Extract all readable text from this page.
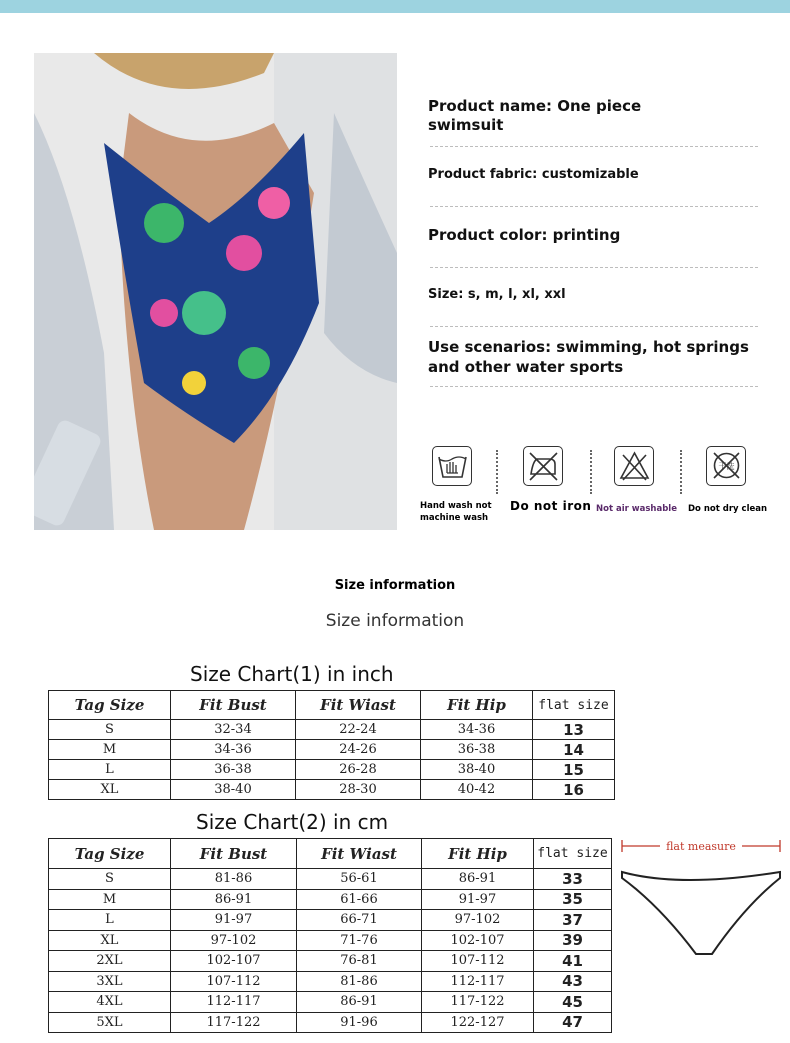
Product name: One piece
swimsuit
Product fabric: customizable
Product color: printing
Size: s, m, l, xl, xxl
Use scenarios: swimming, hot springs
and other water sports
干洗
Hand wash not
machine wash
Do not iron Not air washable Do not dry clean
Size information
Size information
Size Chart(1) in inch
Tag Size	Fit Bust	Fit Wiast	Fit Hip	flat size
S	32-34	22-24	34-36	13
M	34-36	24-26	36-38	14
L	36-38	26-28	38-40	15
XL	38-40	28-30	40-42	16
Size Chart(2) in cm
Tag Size	Fit Bust	Fit Wiast	Fit Hip	flat size
S	81-86	56-61	86-91	33
M	86-91	61-66	91-97	35
L	91-97	66-71	97-102	37
XL	97-102	71-76	102-107	39
2XL	102-107	76-81	107-112	41
3XL	107-112	81-86	112-117	43
4XL	112-117	86-91	117-122	45
5XL	117-122	91-96	122-127	47
flat measure
